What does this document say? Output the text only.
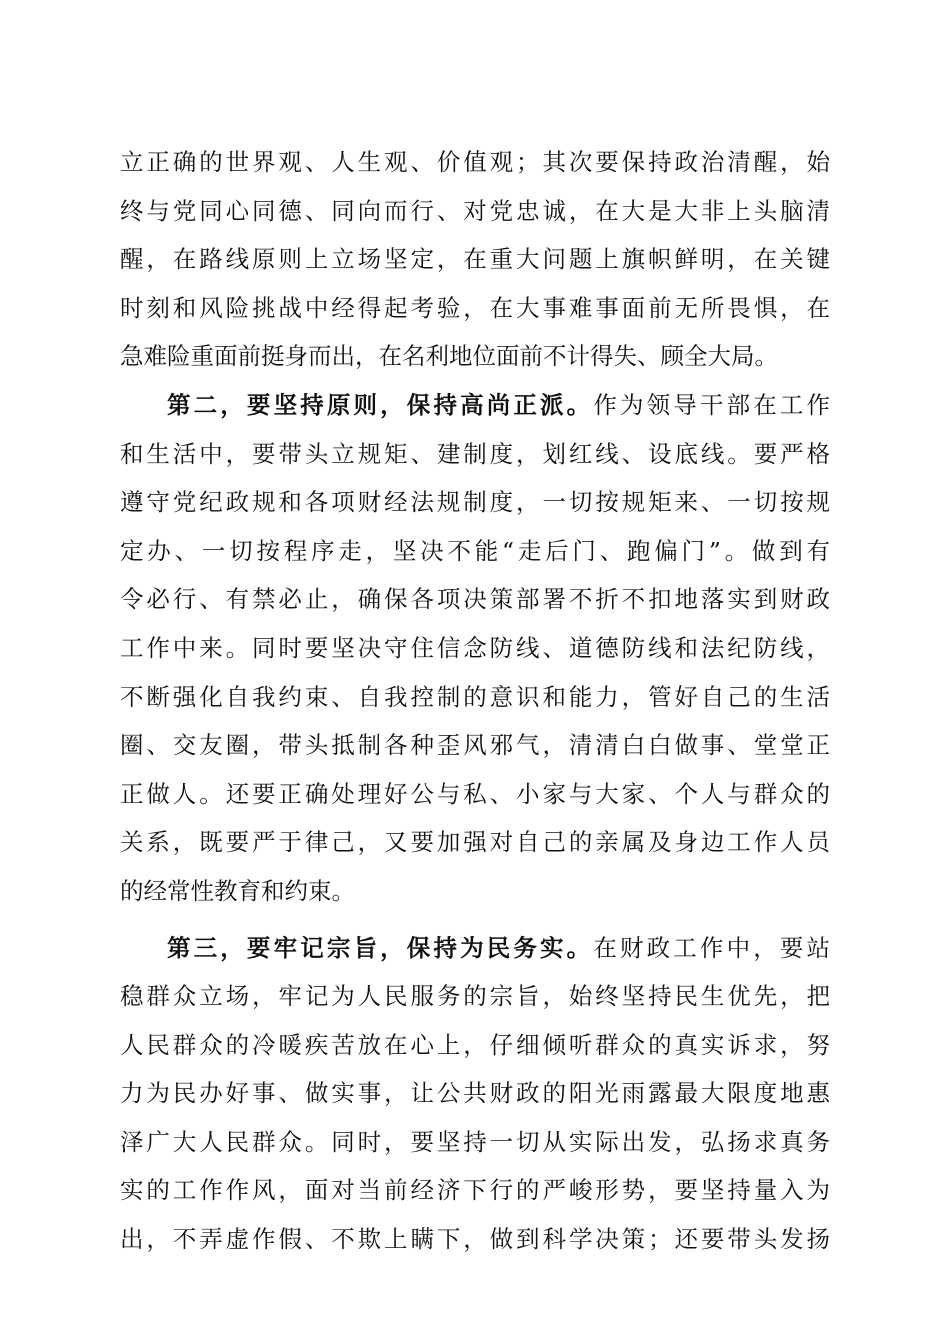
立正确的世界观、人生观、价值观；其次要保持政治清醒，始
终与党同心同德、同向而行、对党忠诚，在大是大非上头脑清
醒，在路线原则上立场坚定，在重大问题上旗帜鲜明，在关键
时刻和风险挑战中经得起考验，在大事难事面前无所畏惧，在
急难险重面前挺身而出，在名利地位面前不计得失、顾全大局。
第二，要坚持原则，保持高尚正派。作为领导干部在工作
和生活中，要带头立规矩、建制度，划红线、设底线。要严格
遵守党纪政规和各项财经法规制度，一切按规矩来、一切按规
定办、一切按程序走，坚决不能“走后门、跑偏门”。做到有
令必行、有禁必止，确保各项决策部署不折不扣地落实到财政
工作中来。同时要坚决守住信念防线、道德防线和法纪防线，
不断强化自我约束、自我控制的意识和能力，管好自己的生活
圈、交友圈，带头抵制各种歪风邪气，清清白白做事、堂堂正
正做人。还要正确处理好公与私、小家与大家、个人与群众的
关系，既要严于律己，又要加强对自己的亲属及身边工作人员
的经常性教育和约束。
第三，要牢记宗旨，保持为民务实。在财政工作中，要站
稳群众立场，牢记为人民服务的宗旨，始终坚持民生优先，把
人民群众的冷暖疾苦放在心上，仔细倾听群众的真实诉求，努
力为民办好事、做实事，让公共财政的阳光雨露最大限度地惠
泽广大人民群众。同时，要坚持一切从实际出发，弘扬求真务
实的工作作风，面对当前经济下行的严峻形势，要坚持量入为
出，不弄虚作假、不欺上瞒下，做到科学决策；还要带头发扬
